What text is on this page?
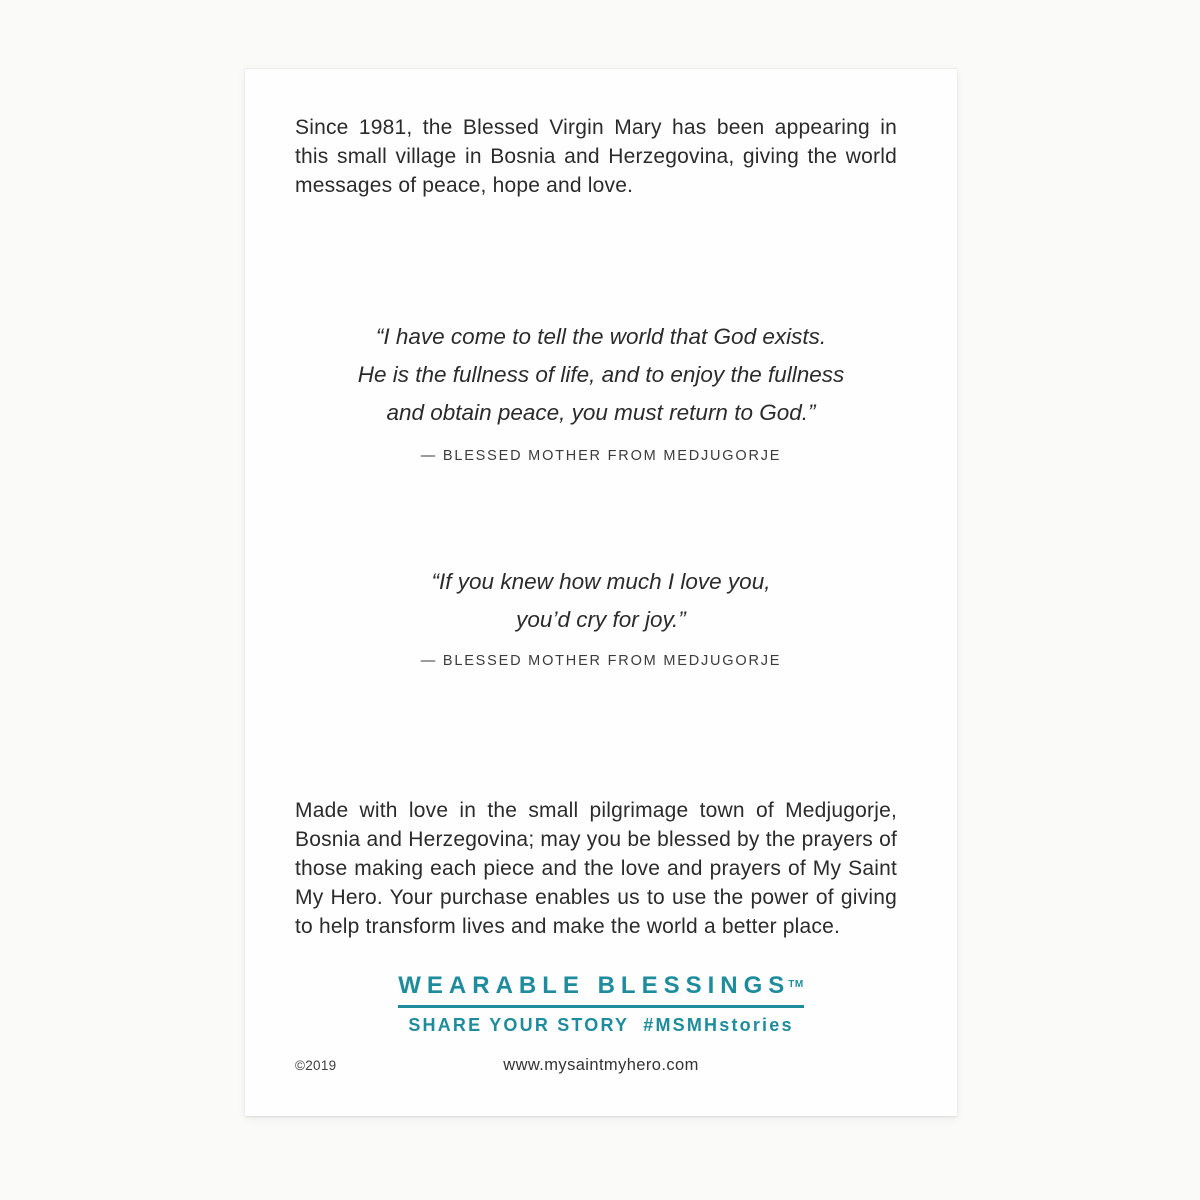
Since 1981, the Blessed Virgin Mary has been appearing in this small village in Bosnia and Herzegovina, giving the world messages of peace, hope and love.

“I have come to tell the world that God exists.
He is the fullness of life, and to enjoy the fullness
and obtain peace, you must return to God.”
— BLESSED MOTHER FROM MEDJUGORJE
“If you knew how much I love you,
you’d cry for joy.”
— BLESSED MOTHER FROM MEDJUGORJE

Made with love in the small pilgrimage town of Medjugorje, Bosnia and Herzegovina; may you be blessed by the prayers of those making each piece and the love and prayers of My Saint My Hero. Your purchase enables us to use the power of giving to help transform lives and make the world a better place.

WEARABLE BLESSINGS™
SHARE YOUR STORY #MSMHstories
©2019	www.mysaintmyhero.com
